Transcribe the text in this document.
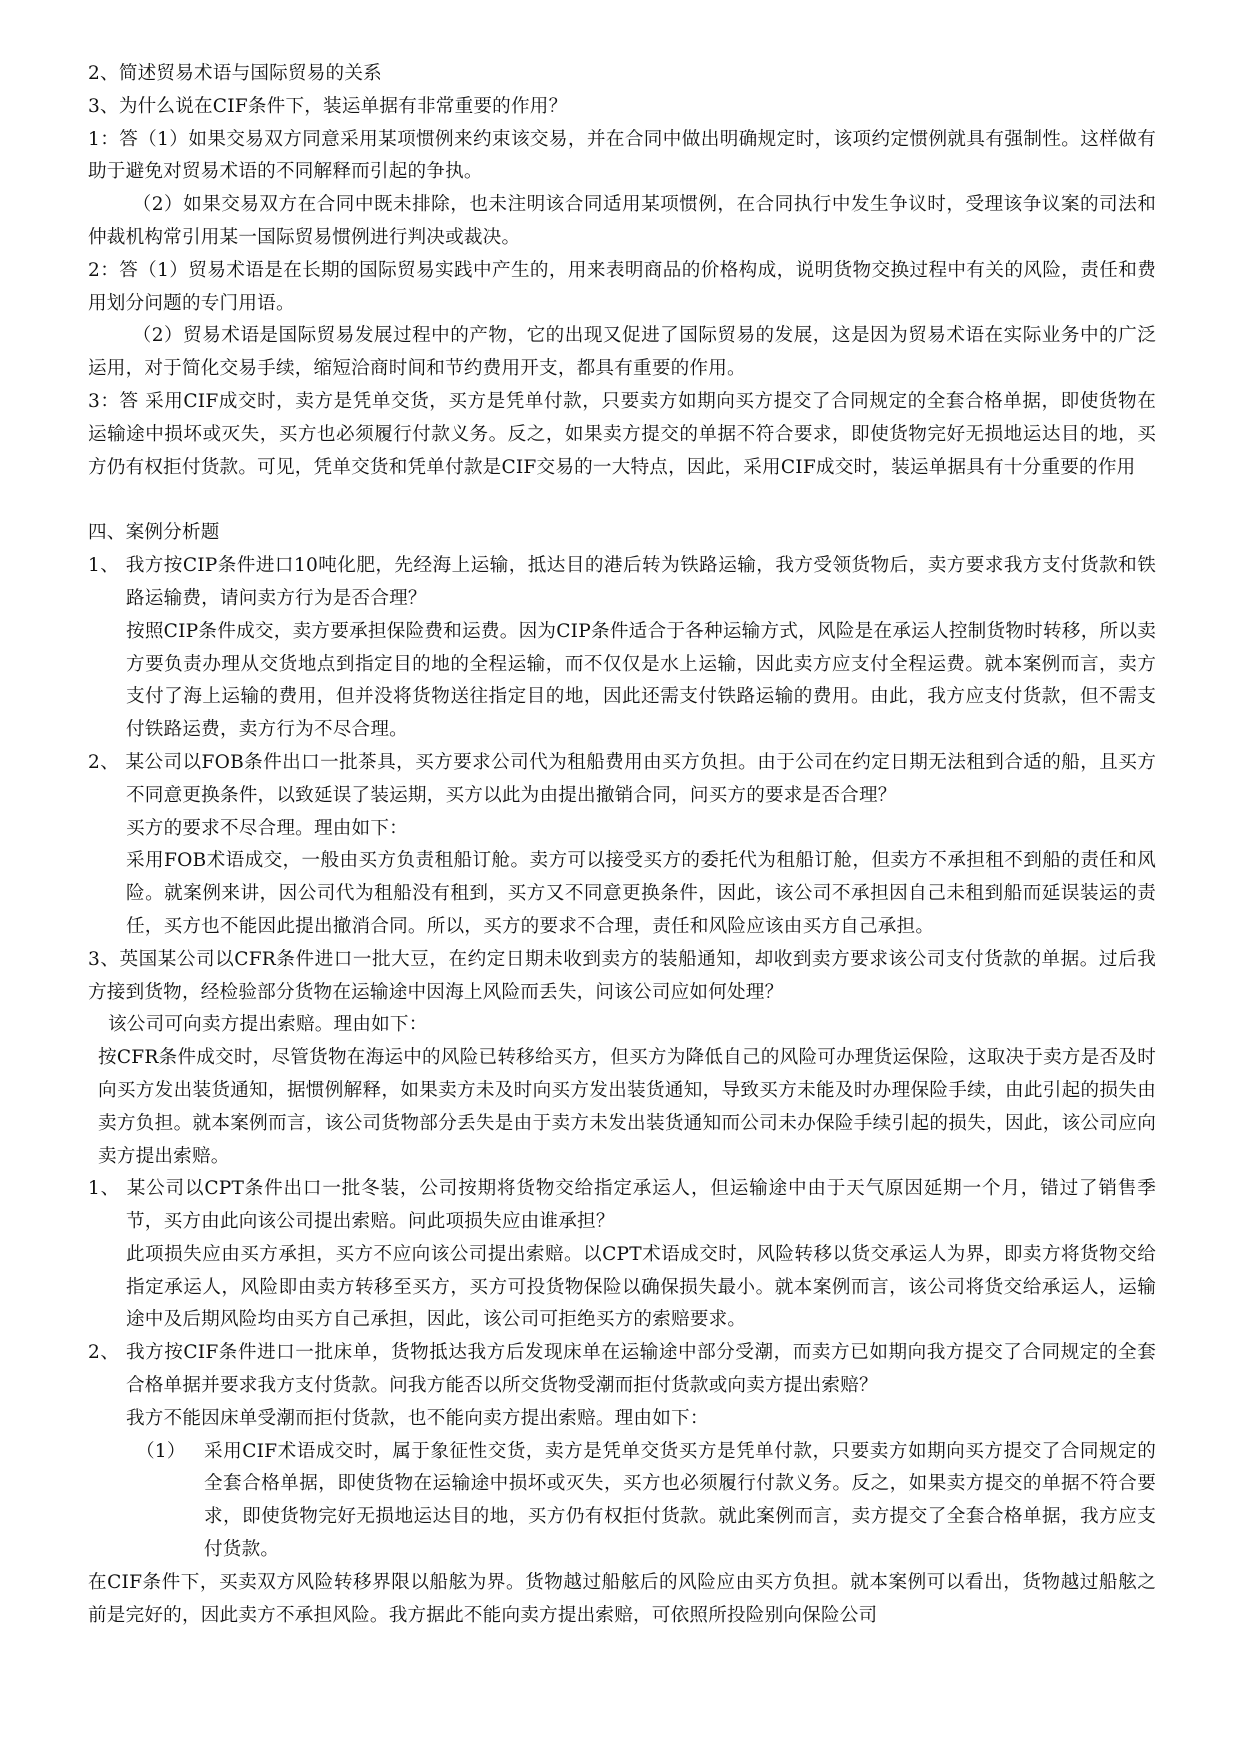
2、简述贸易术语与国际贸易的关系

3、为什么说在CIF条件下，装运单据有非常重要的作用？

1：答（1）如果交易双方同意采用某项惯例来约束该交易，并在合同中做出明确规定时，该项约定惯例就具有强制性。这样做有助于避免对贸易术语的不同解释而引起的争执。

（2）如果交易双方在合同中既未排除，也未注明该合同适用某项惯例，在合同执行中发生争议时，受理该争议案的司法和仲裁机构常引用某一国际贸易惯例进行判决或裁决。

2：答（1）贸易术语是在长期的国际贸易实践中产生的，用来表明商品的价格构成，说明货物交换过程中有关的风险，责任和费用划分问题的专门用语。

（2）贸易术语是国际贸易发展过程中的产物，它的出现又促进了国际贸易的发展，这是因为贸易术语在实际业务中的广泛运用，对于简化交易手续，缩短洽商时间和节约费用开支，都具有重要的作用。

3：答 采用CIF成交时，卖方是凭单交货，买方是凭单付款，只要卖方如期向买方提交了合同规定的全套合格单据，即使货物在运输途中损坏或灭失，买方也必须履行付款义务。反之，如果卖方提交的单据不符合要求，即使货物完好无损地运达目的地，买方仍有权拒付货款。可见，凭单交货和凭单付款是CIF交易的一大特点，因此，采用CIF成交时，装运单据具有十分重要的作用

四、案例分析题

1、 我方按CIP条件进口10吨化肥，先经海上运输，抵达目的港后转为铁路运输，我方受领货物后，卖方要求我方支付货款和铁路运输费，请问卖方行为是否合理？

按照CIP条件成交，卖方要承担保险费和运费。因为CIP条件适合于各种运输方式，风险是在承运人控制货物时转移，所以卖方要负责办理从交货地点到指定目的地的全程运输，而不仅仅是水上运输，因此卖方应支付全程运费。就本案例而言，卖方支付了海上运输的费用，但并没将货物送往指定目的地，因此还需支付铁路运输的费用。由此，我方应支付货款，但不需支付铁路运费，卖方行为不尽合理。

2、 某公司以FOB条件出口一批茶具，买方要求公司代为租船费用由买方负担。由于公司在约定日期无法租到合适的船，且买方不同意更换条件，以致延误了装运期，买方以此为由提出撤销合同，问买方的要求是否合理？

买方的要求不尽合理。理由如下：

采用FOB术语成交，一般由买方负责租船订舱。卖方可以接受买方的委托代为租船订舱，但卖方不承担租不到船的责任和风险。就案例来讲，因公司代为租船没有租到，买方又不同意更换条件，因此，该公司不承担因自己未租到船而延误装运的责任，买方也不能因此提出撤消合同。所以，买方的要求不合理，责任和风险应该由买方自己承担。

3、英国某公司以CFR条件进口一批大豆，在约定日期未收到卖方的装船通知，却收到卖方要求该公司支付货款的单据。过后我方接到货物，经检验部分货物在运输途中因海上风险而丢失，问该公司应如何处理？

该公司可向卖方提出索赔。理由如下：

按CFR条件成交时，尽管货物在海运中的风险已转移给买方，但买方为降低自己的风险可办理货运保险，这取决于卖方是否及时向买方发出装货通知，据惯例解释，如果卖方未及时向买方发出装货通知，导致买方未能及时办理保险手续，由此引起的损失由卖方负担。就本案例而言，该公司货物部分丢失是由于卖方未发出装货通知而公司未办保险手续引起的损失，因此，该公司应向卖方提出索赔。

1、 某公司以CPT条件出口一批冬装，公司按期将货物交给指定承运人，但运输途中由于天气原因延期一个月，错过了销售季节，买方由此向该公司提出索赔。问此项损失应由谁承担？

此项损失应由买方承担，买方不应向该公司提出索赔。以CPT术语成交时，风险转移以货交承运人为界，即卖方将货物交给指定承运人，风险即由卖方转移至买方，买方可投货物保险以确保损失最小。就本案例而言，该公司将货交给承运人，运输途中及后期风险均由买方自己承担，因此，该公司可拒绝买方的索赔要求。

2、 我方按CIF条件进口一批床单，货物抵达我方后发现床单在运输途中部分受潮，而卖方已如期向我方提交了合同规定的全套合格单据并要求我方支付货款。问我方能否以所交货物受潮而拒付货款或向卖方提出索赔？

我方不能因床单受潮而拒付货款，也不能向卖方提出索赔。理由如下：

（1） 采用CIF术语成交时，属于象征性交货，卖方是凭单交货买方是凭单付款，只要卖方如期向买方提交了合同规定的全套合格单据，即使货物在运输途中损坏或灭失，买方也必须履行付款义务。反之，如果卖方提交的单据不符合要求，即使货物完好无损地运达目的地，买方仍有权拒付货款。就此案例而言，卖方提交了全套合格单据，我方应支付货款。

在CIF条件下，买卖双方风险转移界限以船舷为界。货物越过船舷后的风险应由买方负担。就本案例可以看出，货物越过船舷之前是完好的，因此卖方不承担风险。我方据此不能向卖方提出索赔，可依照所投险别向保险公司
